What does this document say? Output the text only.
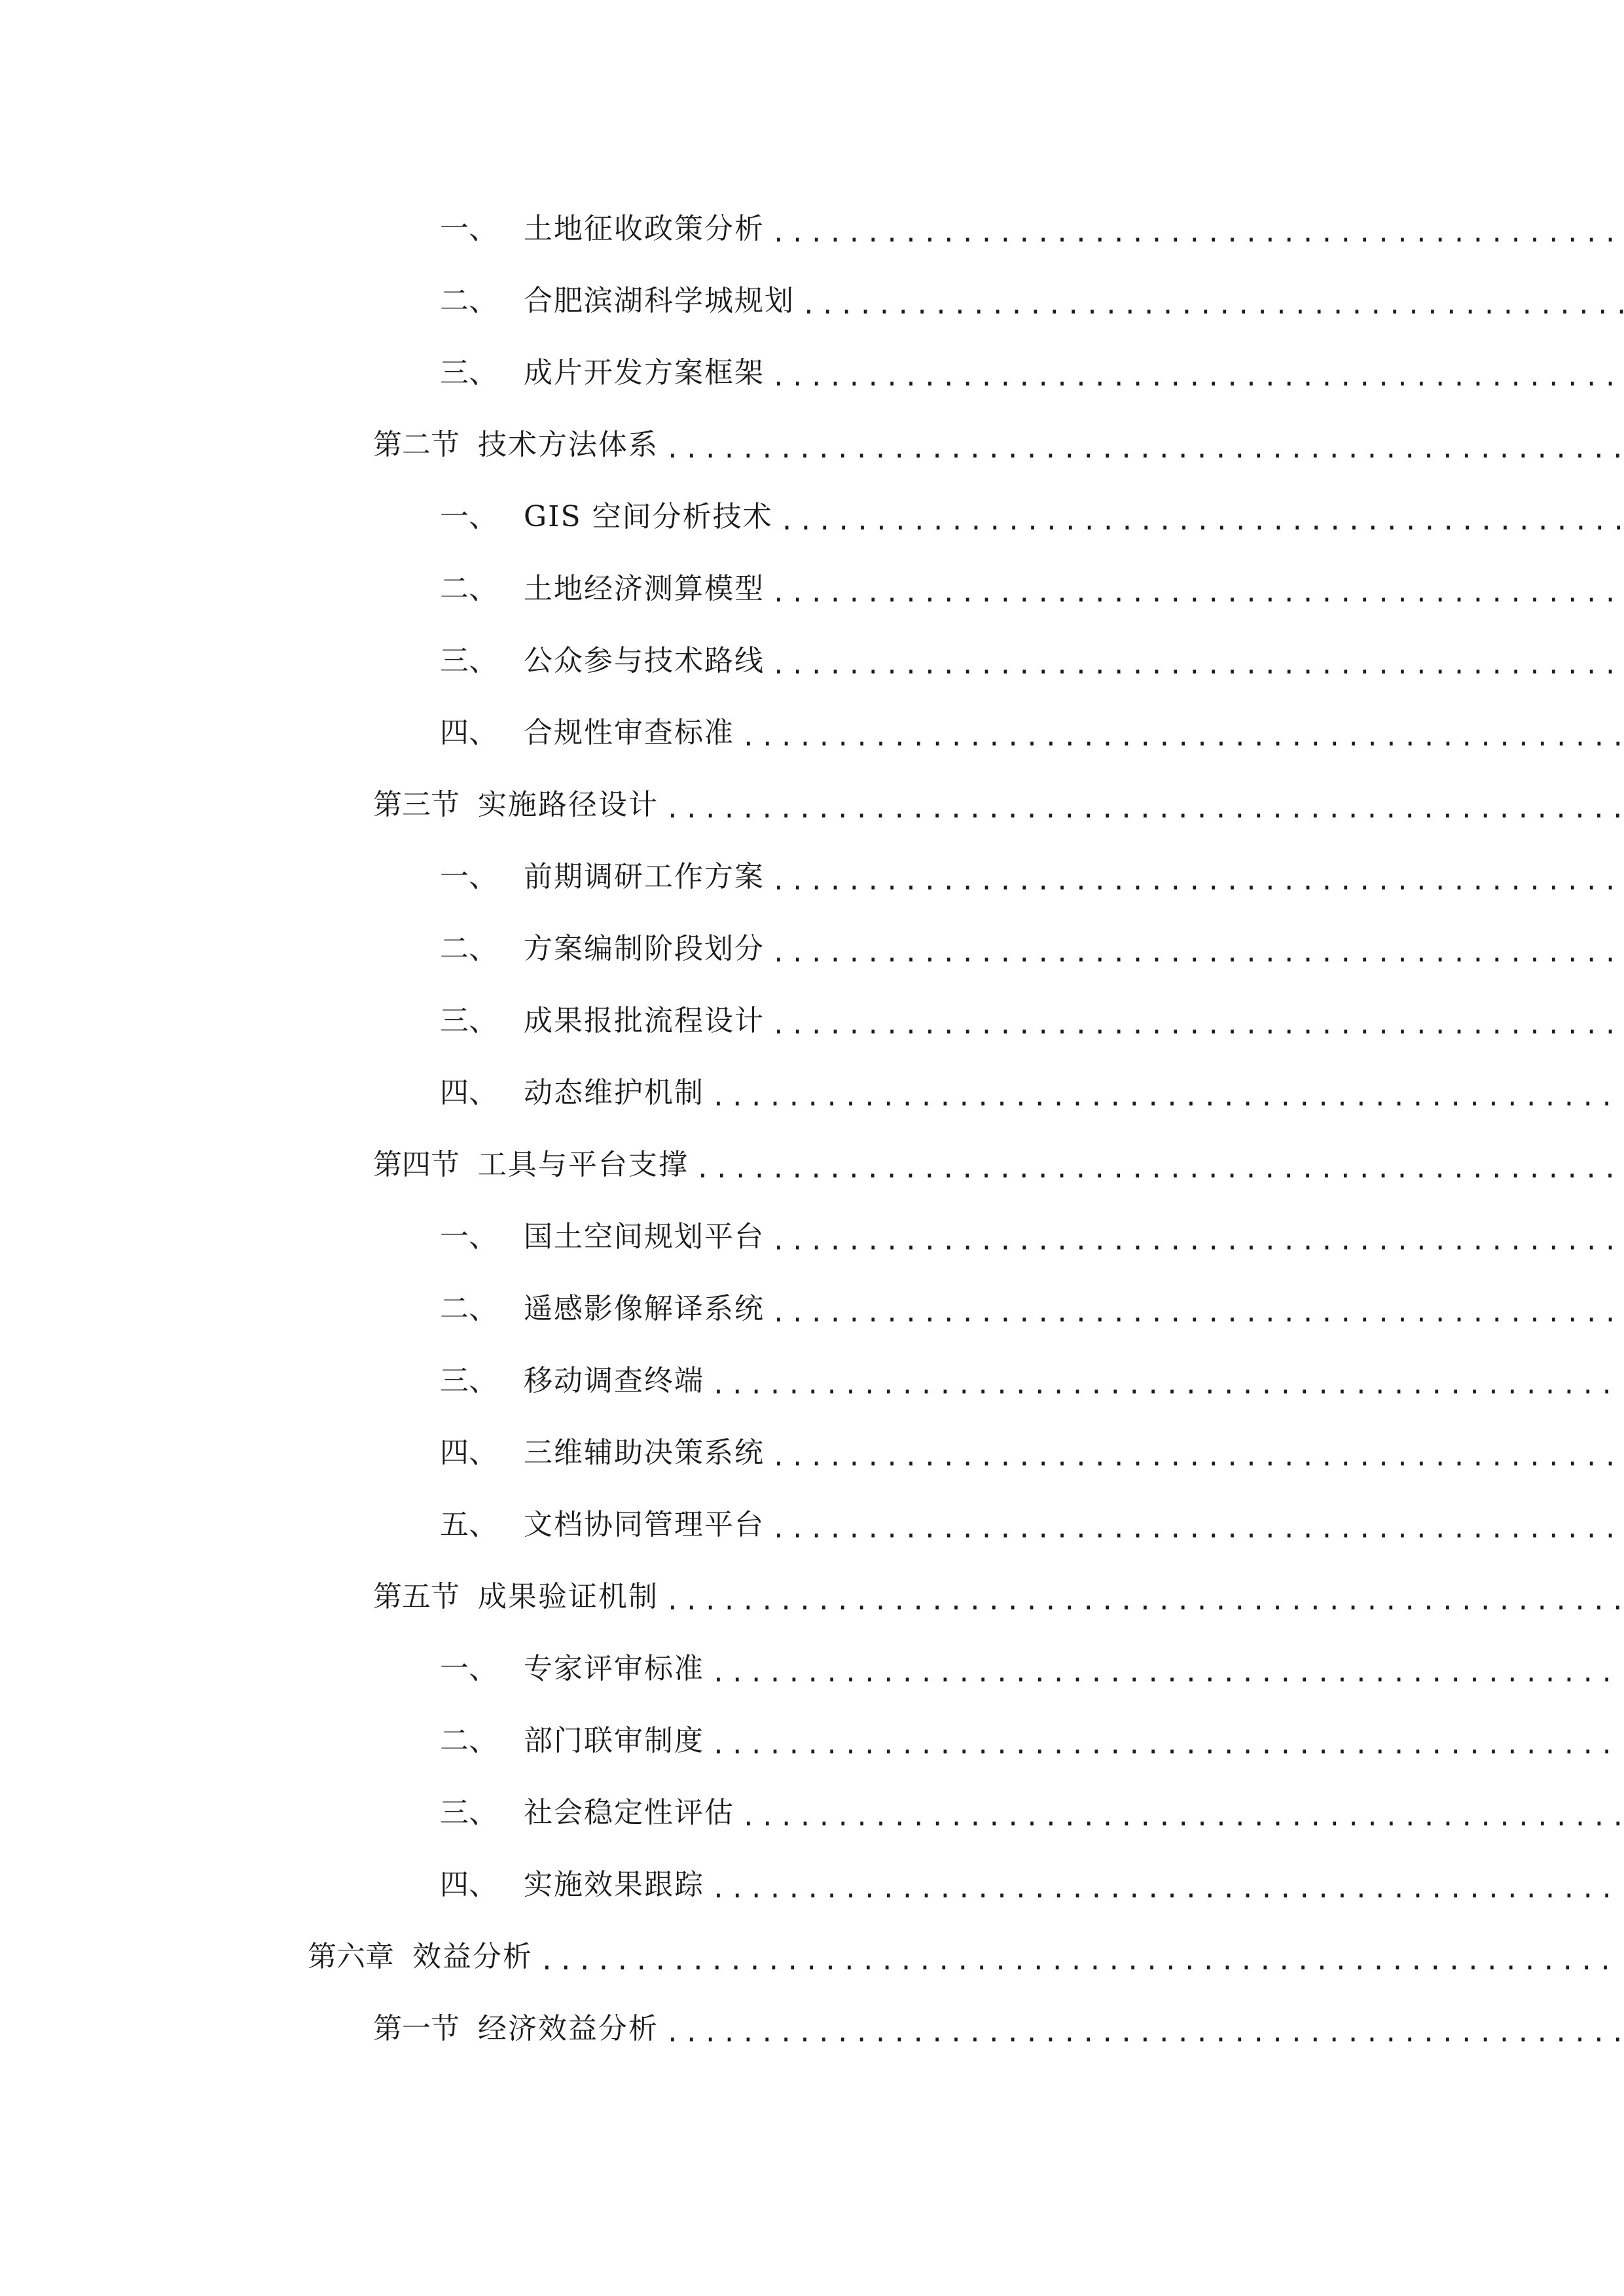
一、 土地征收政策分析
.....
二、 合肥滨湖科学城规划
.....
三、 成片开发方案框架
.....
第二节 技术方法体系
.....
一、 GIS 空间分析技术
.....
二、 土地经济测算模型
.....
三、 公众参与技术路线
.....
四、 合规性审查标准
.....
第三节 实施路径设计
.....
一、 前期调研工作方案
.....
二、 方案编制阶段划分
.....
三、 成果报批流程设计
.....
四、 动态维护机制
.....
第四节 工具与平台支撑
.....
一、 国土空间规划平台
.....
二、 遥感影像解译系统
.....
三、 移动调查终端
.....
四、 三维辅助决策系统
.....
五、 文档协同管理平台
.....
第五节 成果验证机制
.....
一、 专家评审标准
.....
二、 部门联审制度
.....
三、 社会稳定性评估
.....
四、 实施效果跟踪
.....
第六章 效益分析
.....
第一节 经济效益分析
.....
